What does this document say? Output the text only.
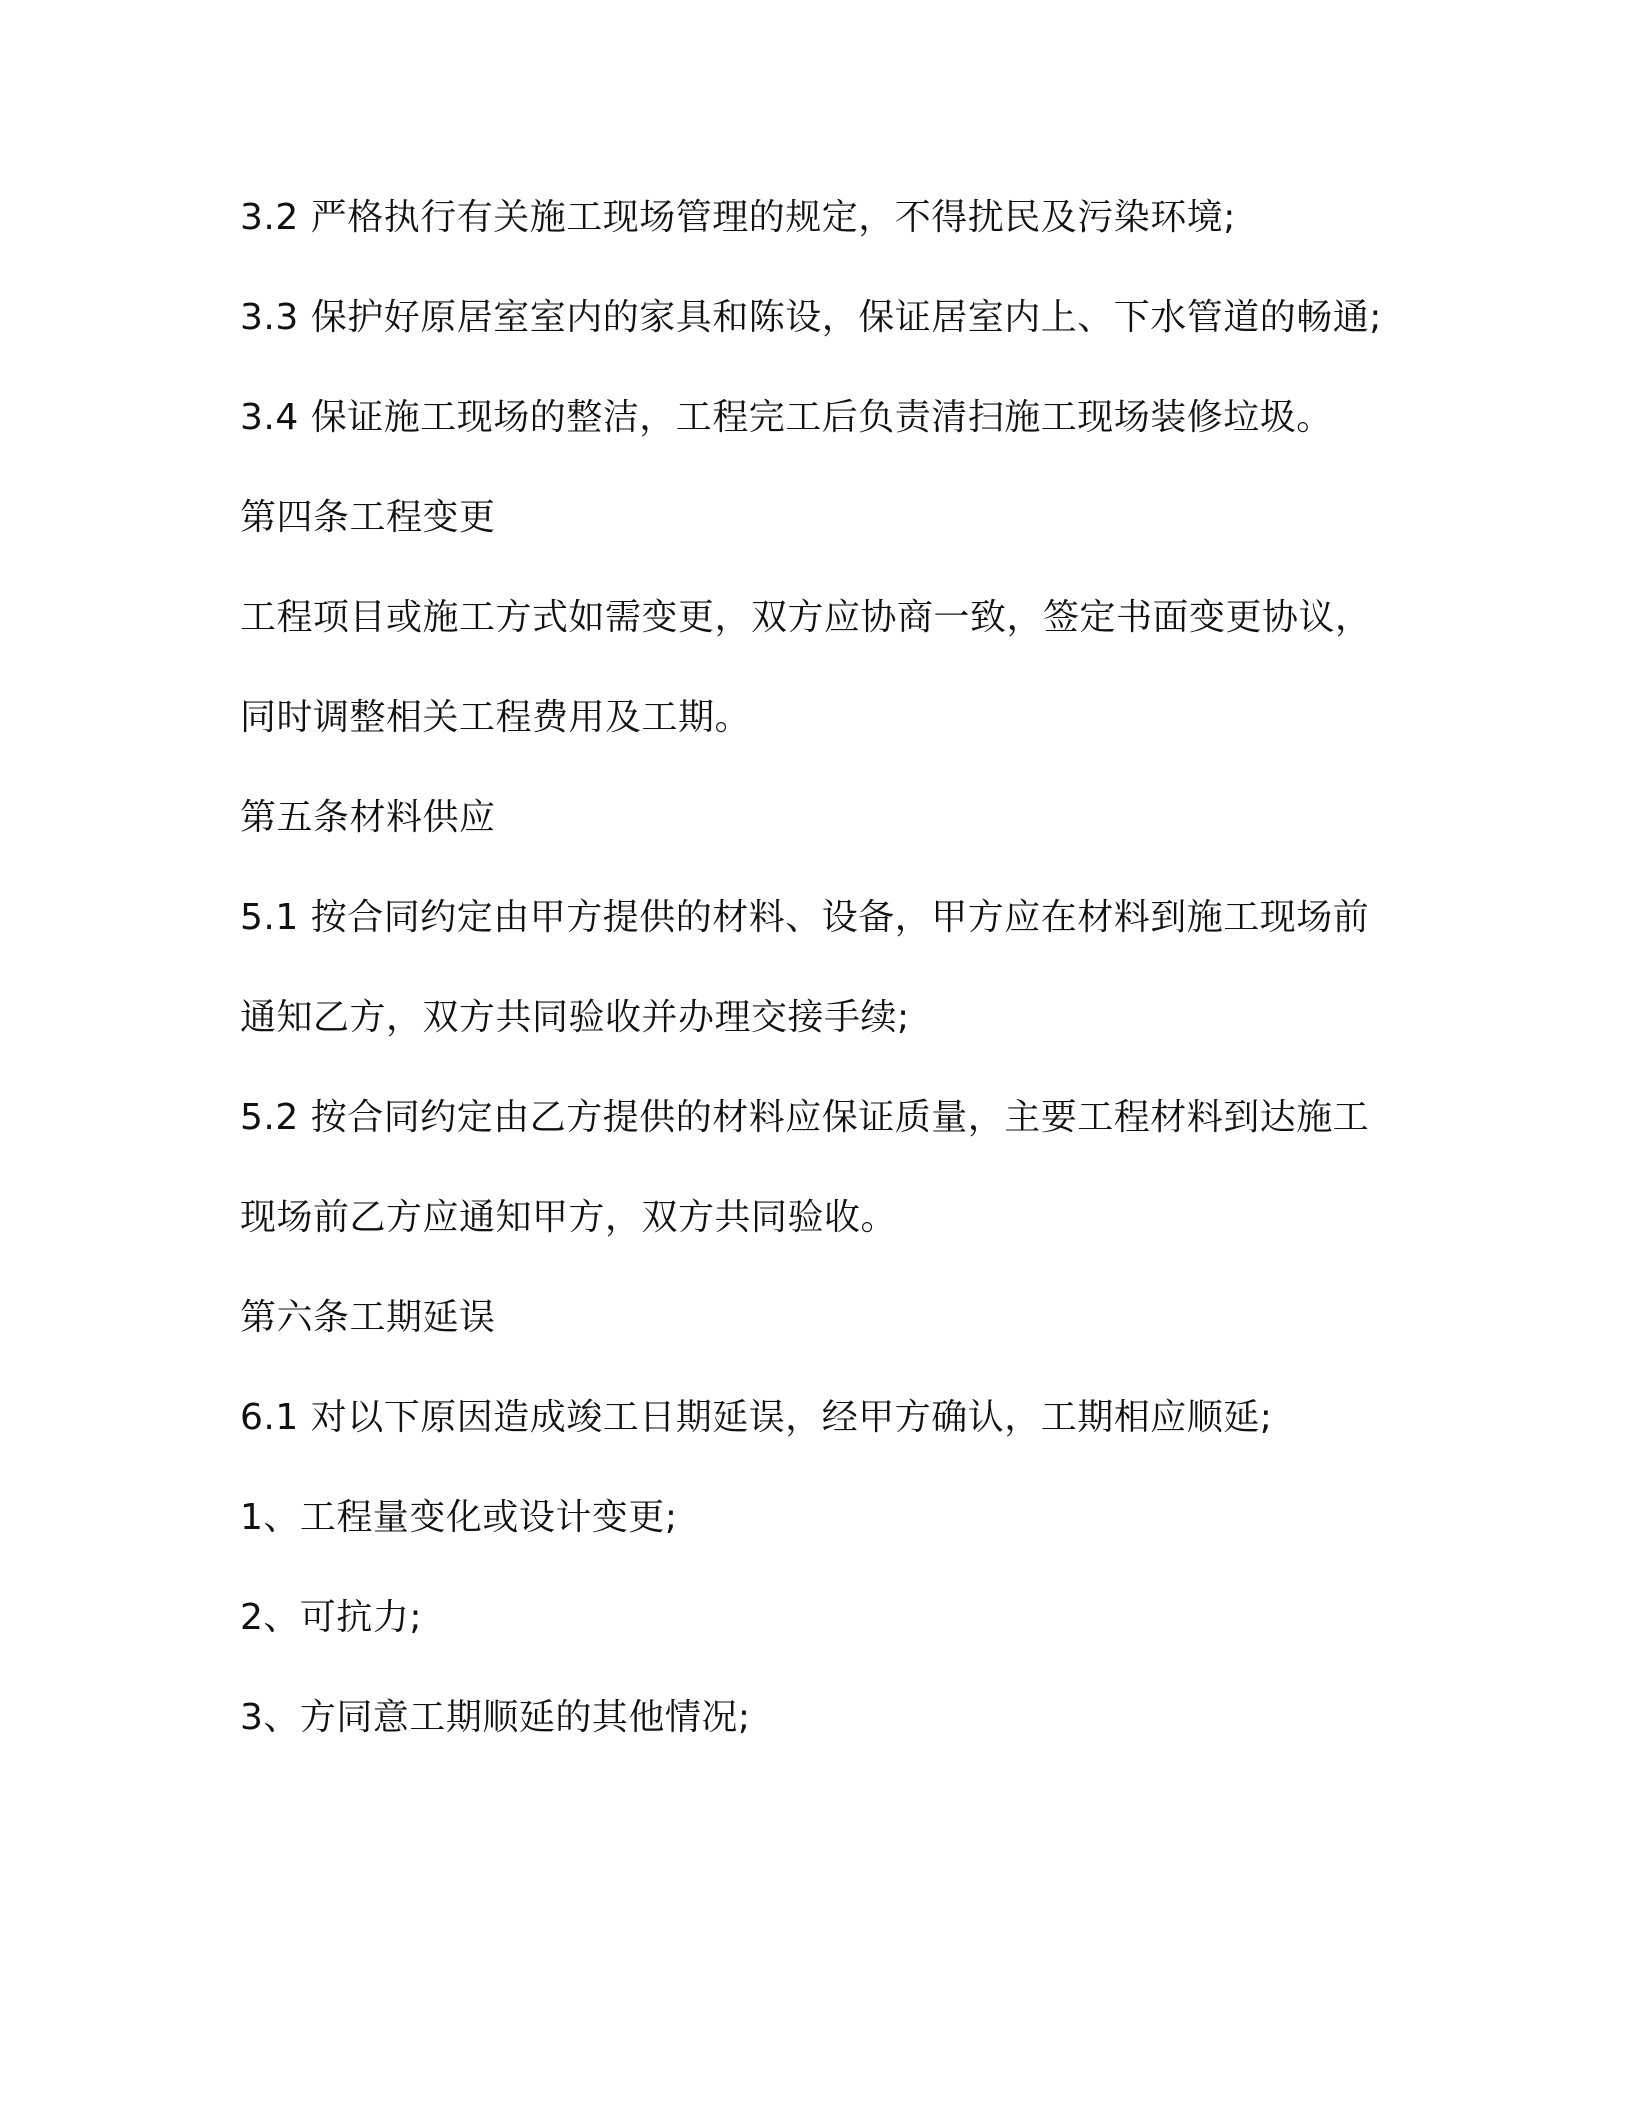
3.2 严格执行有关施工现场管理的规定，不得扰民及污染环境;
3.3 保护好原居室室内的家具和陈设，保证居室内上、下水管道的畅通;
3.4 保证施工现场的整洁，工程完工后负责清扫施工现场装修垃圾。
第四条工程变更
工程项目或施工方式如需变更，双方应协商一致，签定书面变更协议，
同时调整相关工程费用及工期。
第五条材料供应
5.1 按合同约定由甲方提供的材料、设备，甲方应在材料到施工现场前
通知乙方，双方共同验收并办理交接手续;
5.2 按合同约定由乙方提供的材料应保证质量，主要工程材料到达施工
现场前乙方应通知甲方，双方共同验收。
第六条工期延误
6.1 对以下原因造成竣工日期延误，经甲方确认，工期相应顺延;
1、工程量变化或设计变更;
2、可抗力;
3、方同意工期顺延的其他情况;
